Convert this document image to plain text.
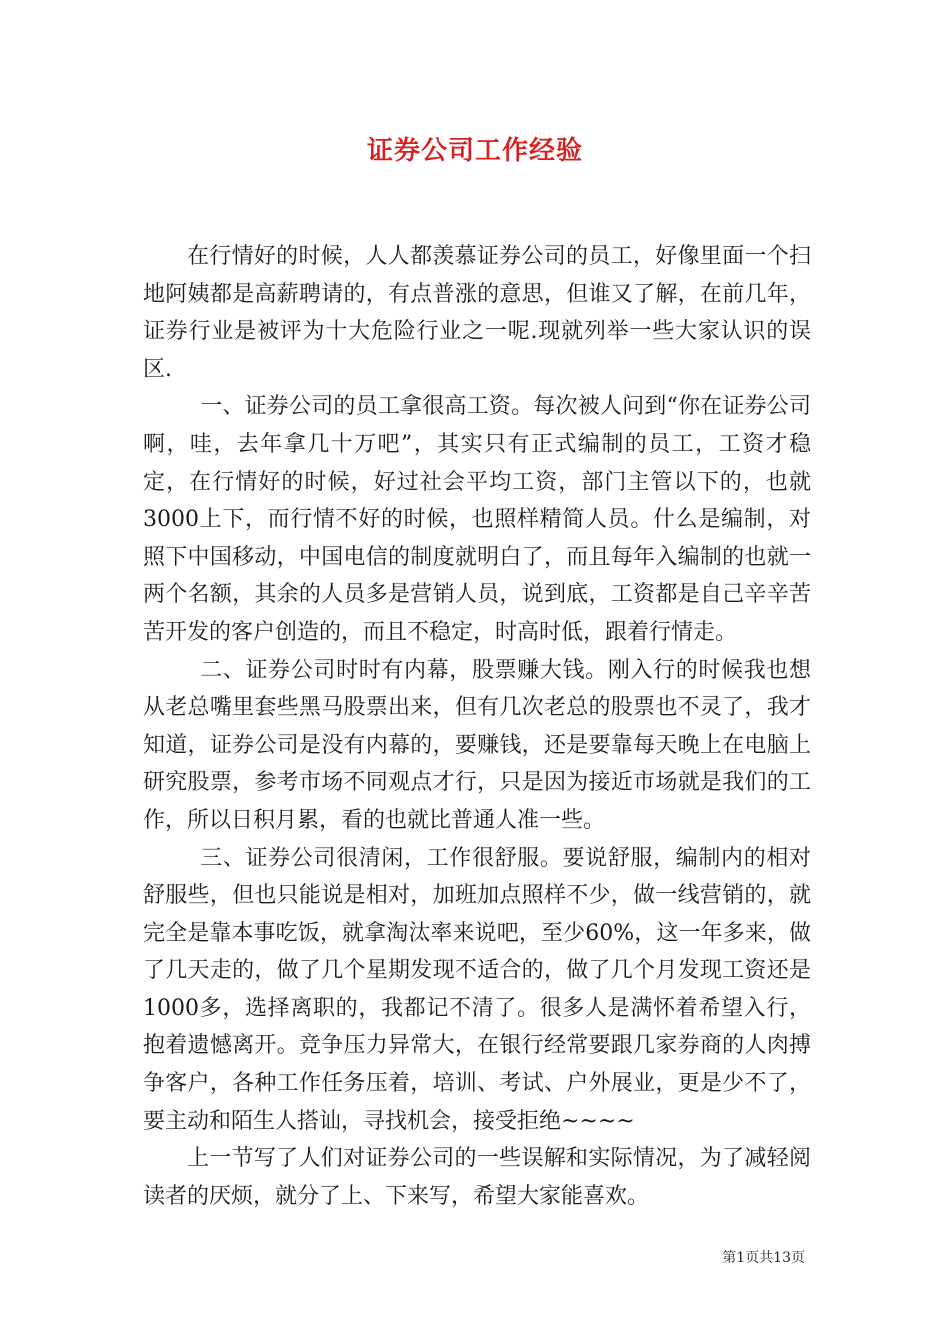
证券公司工作经验

在行情好的时候，人人都羡慕证券公司的员工，好像里面一个扫地阿姨都是高薪聘请的，有点普涨的意思，但谁又了解，在前几年，证券行业是被评为十大危险行业之一呢.现就列举一些大家认识的误区.

一、证券公司的员工拿很高工资。每次被人问到“你在证券公司啊，哇，去年拿几十万吧”，其实只有正式编制的员工，工资才稳定，在行情好的时候，好过社会平均工资，部门主管以下的，也就3000上下，而行情不好的时候，也照样精简人员。什么是编制，对照下中国移动，中国电信的制度就明白了，而且每年入编制的也就一两个名额，其余的人员多是营销人员，说到底，工资都是自己辛辛苦苦开发的客户创造的，而且不稳定，时高时低，跟着行情走。

二、证券公司时时有内幕，股票赚大钱。刚入行的时候我也想从老总嘴里套些黑马股票出来，但有几次老总的股票也不灵了，我才知道，证券公司是没有内幕的，要赚钱，还是要靠每天晚上在电脑上研究股票，参考市场不同观点才行，只是因为接近市场就是我们的工作，所以日积月累，看的也就比普通人准一些。

三、证券公司很清闲，工作很舒服。要说舒服，编制内的相对舒服些，但也只能说是相对，加班加点照样不少，做一线营销的，就完全是靠本事吃饭，就拿淘汰率来说吧，至少60%，这一年多来，做了几天走的，做了几个星期发现不适合的，做了几个月发现工资还是1000多，选择离职的，我都记不清了。很多人是满怀着希望入行，抱着遗憾离开。竞争压力异常大，在银行经常要跟几家券商的人肉搏争客户，各种工作任务压着，培训、考试、户外展业，更是少不了，要主动和陌生人搭讪，寻找机会，接受拒绝~~~~

上一节写了人们对证券公司的一些误解和实际情况，为了减轻阅读者的厌烦，就分了上、下来写，希望大家能喜欢。

第1页共13页
